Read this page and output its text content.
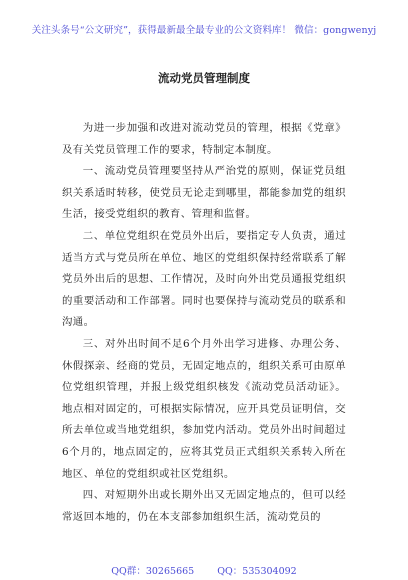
关注头条号“公文研究”，获得最新最全最专业的公文资料库！ 微信：gongwenyj
流动党员管理制度

为进一步加强和改进对流动党员的管理，根据《党章》及有关党员管理工作的要求，特制定本制度。

一、流动党员管理要坚持从严治党的原则，保证党员组织关系适时转移，使党员无论走到哪里，都能参加党的组织生活，接受党组织的教育、管理和监督。

二、单位党组织在党员外出后，要指定专人负责，通过适当方式与党员所在单位、地区的党组织保持经常联系了解党员外出后的思想、工作情况，及时向外出党员通报党组织的重要活动和工作部署。同时也要保持与流动党员的联系和沟通。

三、对外出时间不足6个月外出学习进修、办理公务、休假探亲、经商的党员，无固定地点的，组织关系可由原单位党组织管理，并报上级党组织核发《流动党员活动证》。地点相对固定的，可根据实际情况，应开具党员证明信，交所去单位或当地党组织，参加党内活动。党员外出时间超过6个月的，地点固定的，应将其党员正式组织关系转入所在地区、单位的党组织或社区党组织。

四、对短期外出或长期外出又无固定地点的，但可以经常返回本地的，仍在本支部参加组织生活，流动党员的

QQ群：30265665 QQ：535304092
